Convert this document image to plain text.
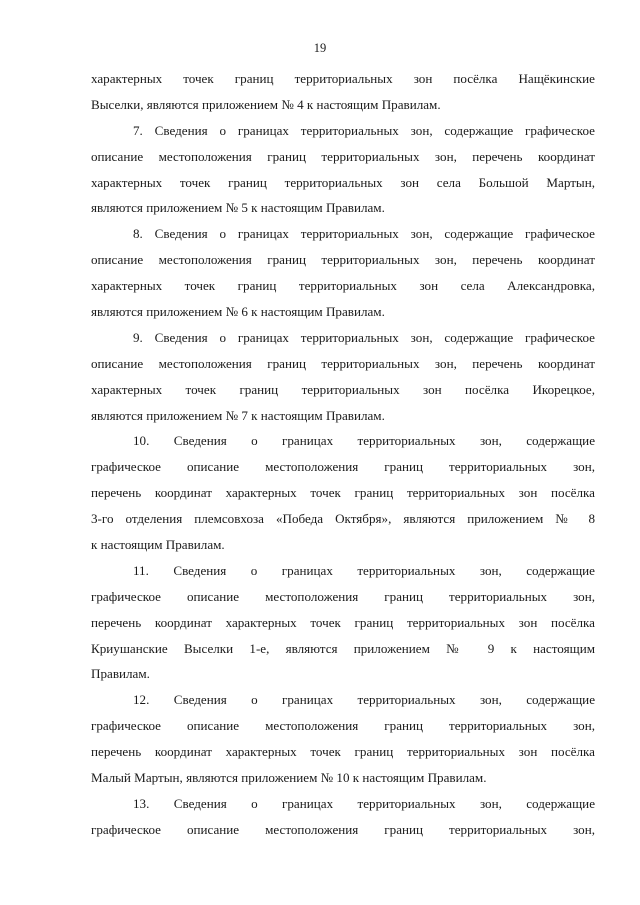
19
характерных точек границ территориальных зон посёлка Нащёкинские
Выселки, являются приложением № 4 к настоящим Правилам.
7. Сведения о границах территориальных зон, содержащие графическое
описание местоположения границ территориальных зон, перечень координат
характерных точек границ территориальных зон села Большой Мартын,
являются приложением № 5 к настоящим Правилам.
8. Сведения о границах территориальных зон, содержащие графическое
описание местоположения границ территориальных зон, перечень координат
характерных точек границ территориальных зон села Александровка,
являются приложением № 6 к настоящим Правилам.
9. Сведения о границах территориальных зон, содержащие графическое
описание местоположения границ территориальных зон, перечень координат
характерных точек границ территориальных зон посёлка Икорецкое,
являются приложением № 7 к настоящим Правилам.
10. Сведения о границах территориальных зон, содержащие
графическое описание местоположения границ территориальных зон,
перечень координат характерных точек границ территориальных зон посёлка
3-го отделения племсовхоза «Победа Октября», являются приложением № 8
к настоящим Правилам.
11. Сведения о границах территориальных зон, содержащие
графическое описание местоположения границ территориальных зон,
перечень координат характерных точек границ территориальных зон посёлка
Криушанские Выселки 1-е, являются приложением № 9 к настоящим
Правилам.
12. Сведения о границах территориальных зон, содержащие
графическое описание местоположения границ территориальных зон,
перечень координат характерных точек границ территориальных зон посёлка
Малый Мартын, являются приложением № 10 к настоящим Правилам.
13. Сведения о границах территориальных зон, содержащие
графическое описание местоположения границ территориальных зон,
